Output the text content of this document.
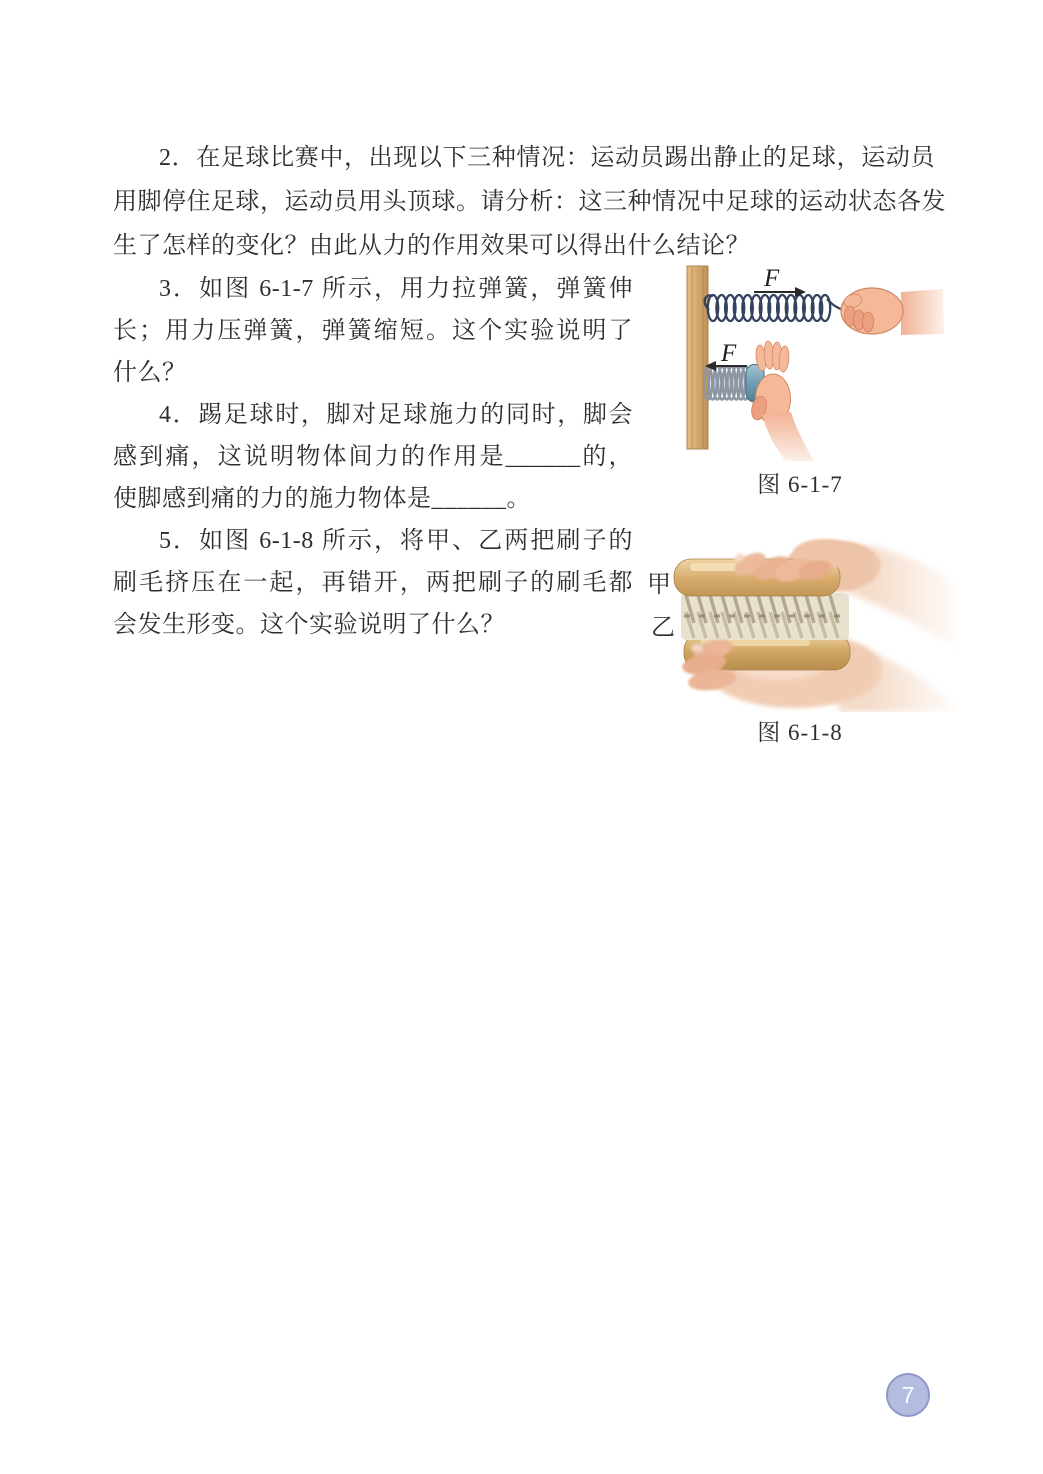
2．在足球比赛中，出现以下三种情况：运动员踢出静止的足球，运动员
用脚停住足球，运动员用头顶球。请分析：这三种情况中足球的运动状态各发
生了怎样的变化？由此从力的作用效果可以得出什么结论？
3．如图 6-1-7 所示，用力拉弹簧，弹簧伸
长；用力压弹簧，弹簧缩短。这个实验说明了
什么？
4．踢足球时，脚对足球施力的同时，脚会
感到痛，这说明物体间力的作用是______的，
使脚感到痛的力的施力物体是______。
5．如图 6-1-8 所示，将甲、乙两把刷子的
刷毛挤压在一起，再错开，两把刷子的刷毛都
会发生形变。这个实验说明了什么？
F
F
图 6-1-7
甲
乙
图 6-1-8
7
